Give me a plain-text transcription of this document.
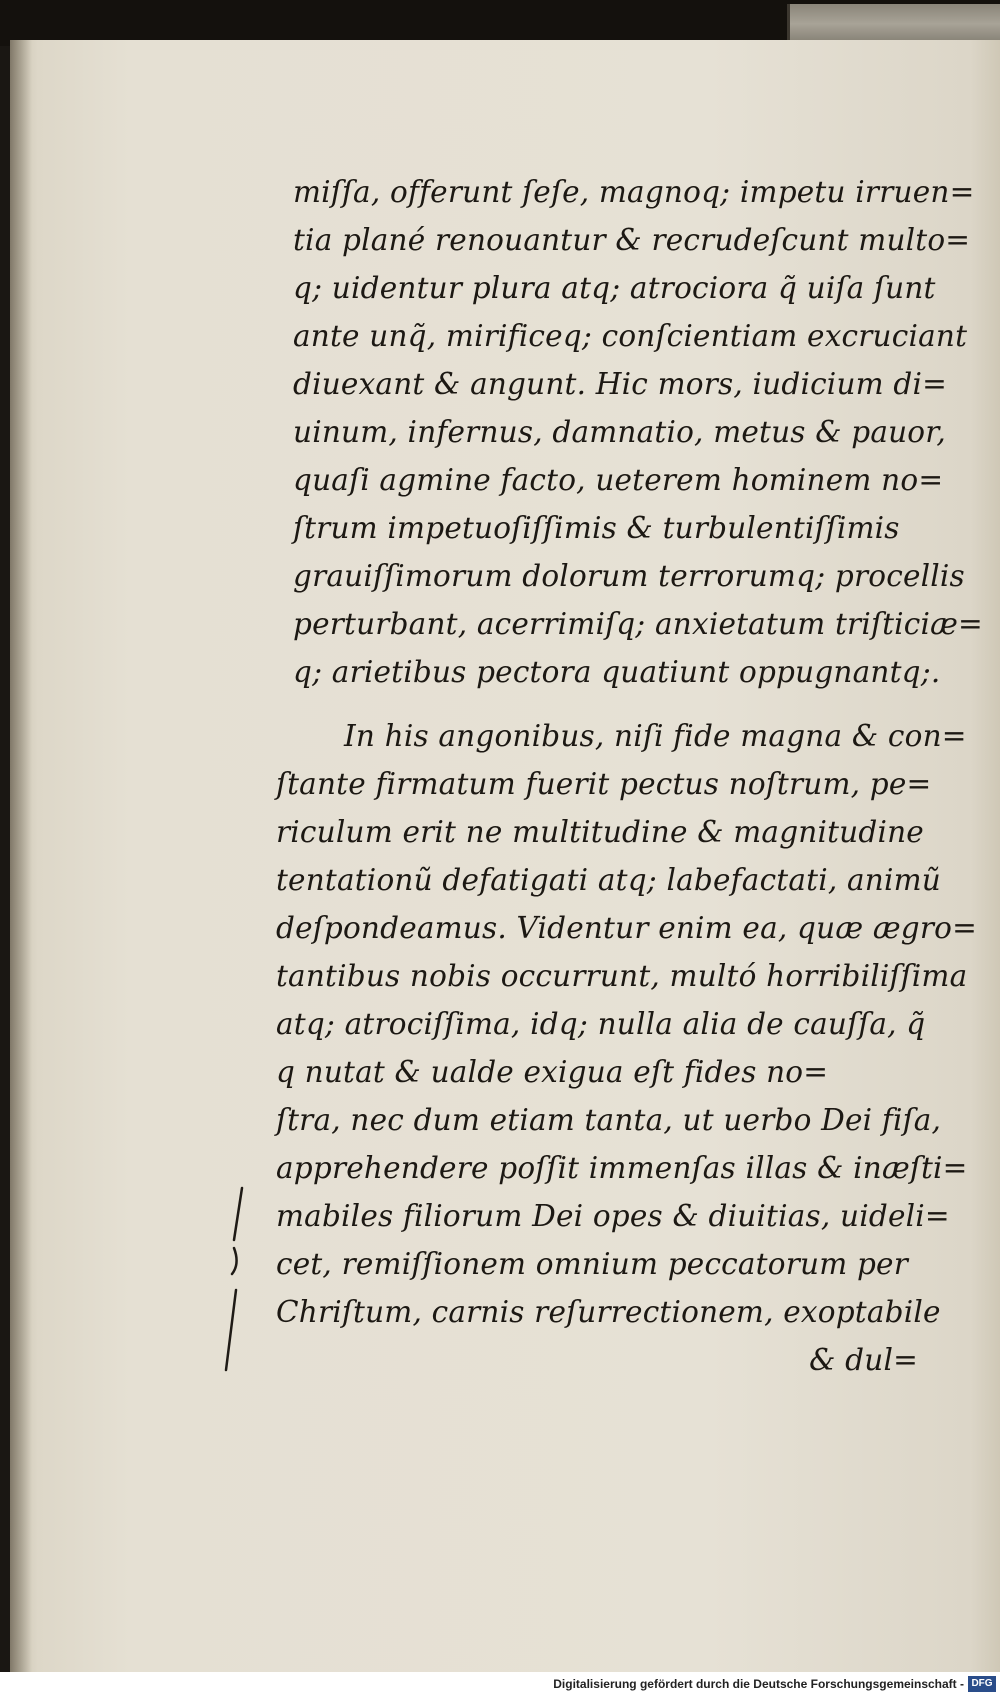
miſſa, offerunt ſeſe, magnoq; impetu irruen=
tia plané renouantur & recrudeſcunt multo=
q; uidentur plura atq; atrociora q̃ uiſa ſunt
ante unq̃, mirificeq; conſcientiam excruciant
diuexant & angunt. Hic mors, iudicium di=
uinum, infernus, damnatio, metus & pauor,
quaſi agmine facto, ueterem hominem no=
ſtrum impetuoſiſſimis & turbulentiſſimis
grauiſſimorum dolorum terrorumq; procellis
perturbant, acerrimiſq; anxietatum triſticiæ=
q; arietibus pectora quatiunt oppugnantq;.
In his angonibus, niſi fide magna & con=
ſtante firmatum fuerit pectus noſtrum, pe=
riculum erit ne multitudine & magnitudine
tentationũ defatigati atq; labefactati, animũ
deſpondeamus. Videntur enim ea, quæ ægro=
tantibus nobis occurrunt, multó horribiliſſima
atq; atrociſſima, idq; nulla alia de cauſſa, q̃
q nutat & ualde exigua eſt fides no=
ſtra, nec dum etiam tanta, ut uerbo Dei fiſa,
apprehendere poſſit immenſas illas & inæſti=
mabiles filiorum Dei opes & diuitias, uideli=
cet, remiſſionem omnium peccatorum per
Chriſtum, carnis reſurrectionem, exoptabile
& dul=
Digitalisierung gefördert durch die Deutsche Forschungsgemeinschaft - DFG
